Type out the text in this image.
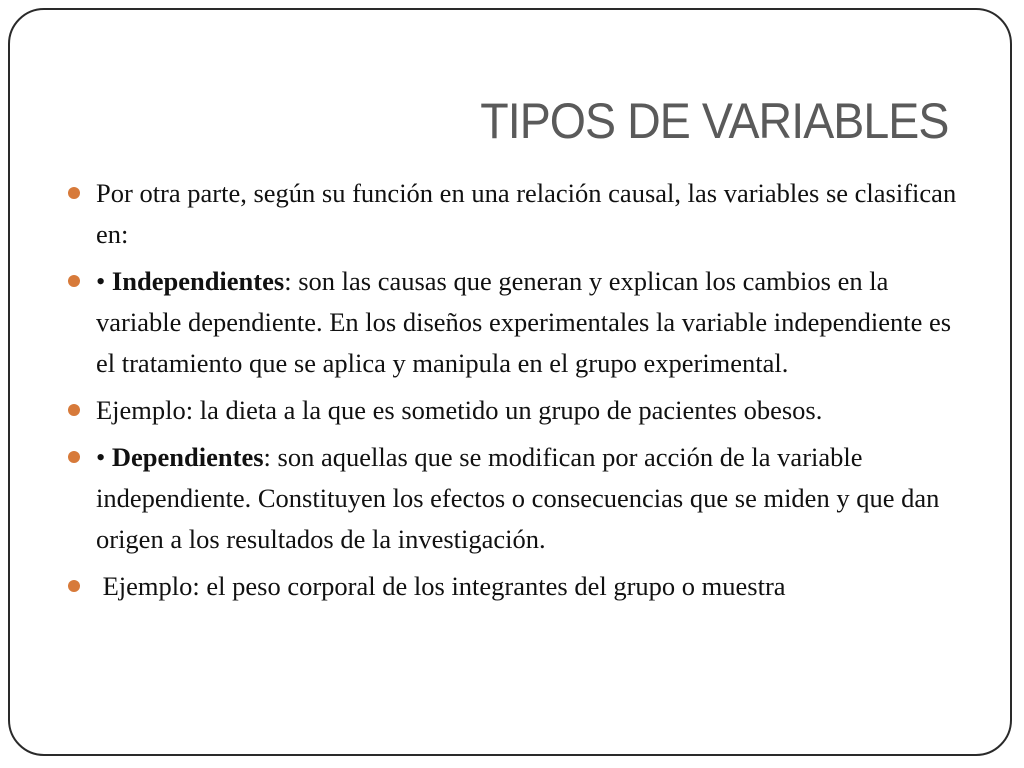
TIPOS DE VARIABLES
Por otra parte, según su función en una relación causal, las variables se clasifican en:
• Independientes: son las causas que generan y explican los cambios en la variable dependiente. En los diseños experimentales la variable independiente es el tratamiento que se aplica y manipula en el grupo experimental.
Ejemplo: la dieta a la que es sometido un grupo de pacientes obesos.
• Dependientes: son aquellas que se modifican por acción de la variable independiente. Constituyen los efectos o consecuencias que se miden y que dan origen a los resultados de la investigación.
Ejemplo: el peso corporal de los integrantes del grupo o muestra
